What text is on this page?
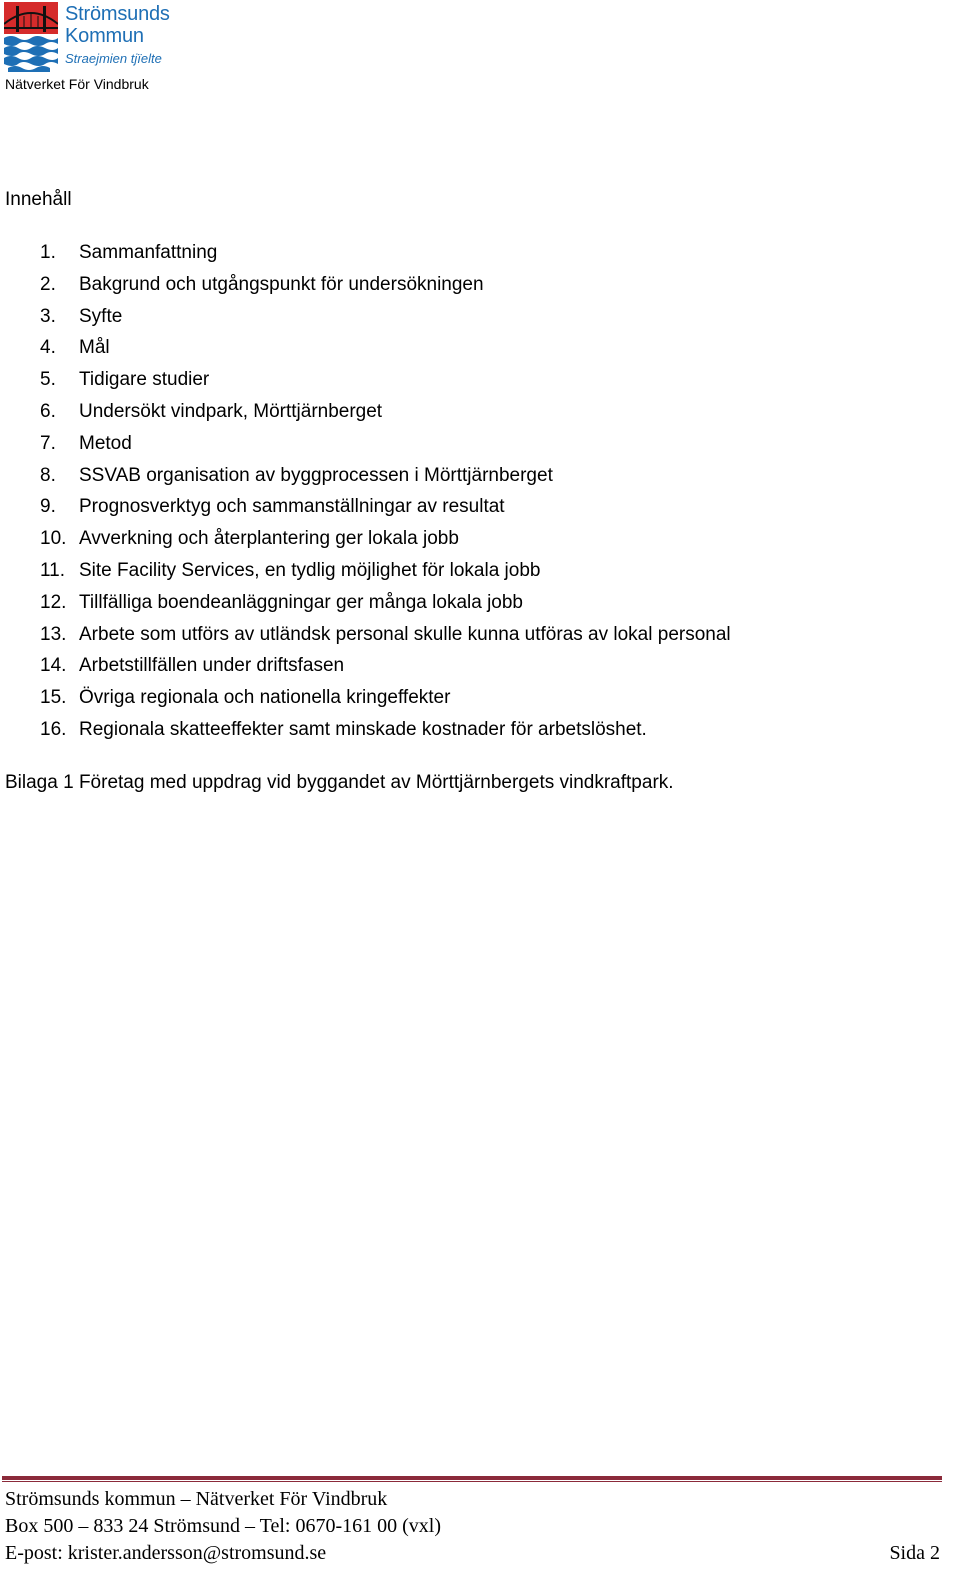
Strömsunds
Kommun
Straejmien tjïelte
Nätverket För Vindbruk
Innehåll
1. Sammanfattning
2. Bakgrund och utgångspunkt för undersökningen
3. Syfte
4. Mål
5. Tidigare studier
6. Undersökt vindpark, Mörttjärnberget
7. Metod
8. SSVAB organisation av byggprocessen i Mörttjärnberget
9. Prognosverktyg och sammanställningar av resultat
10. Avverkning och återplantering ger lokala jobb
11. Site Facility Services, en tydlig möjlighet för lokala jobb
12. Tillfälliga boendeanläggningar ger många lokala jobb
13. Arbete som utförs av utländsk personal skulle kunna utföras av lokal personal
14. Arbetstillfällen under driftsfasen
15. Övriga regionala och nationella kringeffekter
16. Regionala skatteeffekter samt minskade kostnader för arbetslöshet.
Bilaga 1 Företag med uppdrag vid byggandet av Mörttjärnbergets vindkraftpark.
Strömsunds kommun – Nätverket För Vindbruk
Box 500 – 833 24 Strömsund – Tel: 0670-161 00 (vxl)
E-post: krister.andersson@stromsund.se	Sida 2
